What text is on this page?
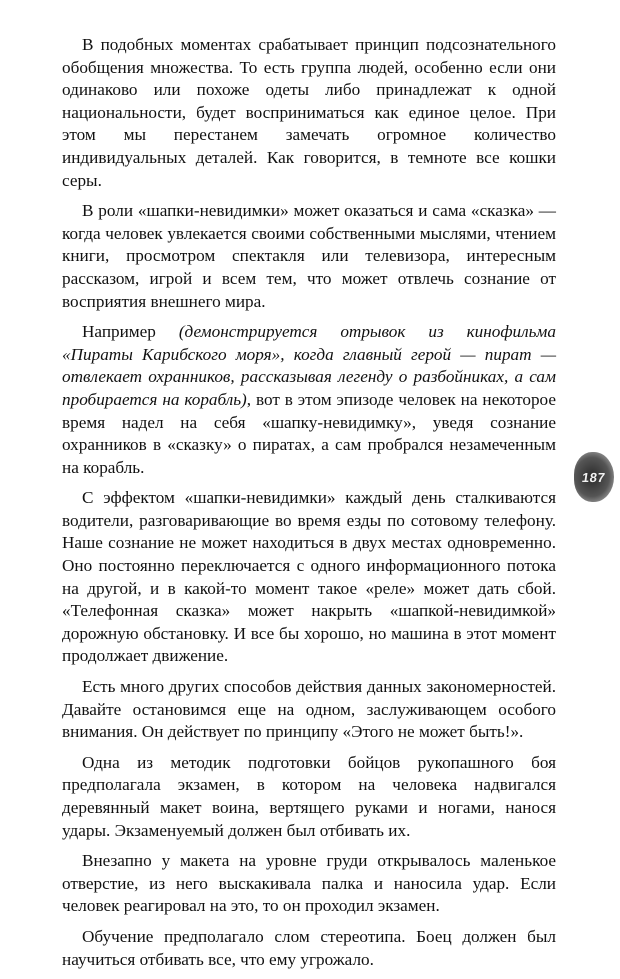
В подобных моментах срабатывает принцип подсознательного обобщения множества. То есть группа людей, особенно если они одинаково или похоже одеты либо принадлежат к одной национальности, будет восприниматься как единое целое. При этом мы перестанем замечать огромное количество индивидуальных деталей. Как говорится, в темноте все кошки серы.

В роли «шапки-невидимки» может оказаться и сама «сказка» — когда человек увлекается своими собственными мыслями, чтением книги, просмотром спектакля или телевизора, интересным рассказом, игрой и всем тем, что может отвлечь сознание от восприятия внешнего мира.

Например (демонстрируется отрывок из кинофильма «Пираты Карибского моря», когда главный герой — пират — отвлекает охранников, рассказывая легенду о разбойниках, а сам пробирается на корабль), вот в этом эпизоде человек на некоторое время надел на себя «шапку-невидимку», уведя сознание охранников в «сказку» о пиратах, а сам пробрался незамеченным на корабль.

С эффектом «шапки-невидимки» каждый день сталкиваются водители, разговаривающие во время езды по сотовому телефону. Наше сознание не может находиться в двух местах одновременно. Оно постоянно переключается с одного информационного потока на другой, и в какой-то момент такое «реле» может дать сбой. «Телефонная сказка» может накрыть «шапкой-невидимкой» дорожную обстановку. И все бы хорошо, но машина в этот момент продолжает движение.

Есть много других способов действия данных закономерностей. Давайте остановимся еще на одном, заслуживающем особого внимания. Он действует по принципу «Этого не может быть!».

Одна из методик подготовки бойцов рукопашного боя предполагала экзамен, в котором на человека надвигался деревянный макет воина, вертящего руками и ногами, нанося удары. Экзаменуемый должен был отбивать их.

Внезапно у макета на уровне груди открывалось маленькое отверстие, из него выскакивала палка и наносила удар. Если человек реагировал на это, то он проходил экзамен.

Обучение предполагало слом стереотипа. Боец должен был научиться отбивать все, что ему угрожало.

187
